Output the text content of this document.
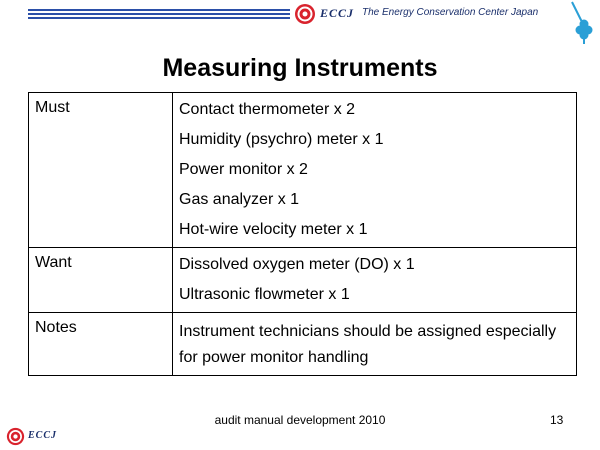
ECCJ The Energy Conservation Center Japan
Measuring Instruments
Must	Contact thermometer x 2
Humidity (psychro) meter x 1
Power monitor x 2
Gas analyzer x 1
Hot-wire velocity meter x 1

Want	Dissolved oxygen meter (DO) x 1
Ultrasonic flowmeter x 1

Notes	Instrument technicians should be assigned especially for power monitor handling
audit manual development 2010	13
ECCJ
